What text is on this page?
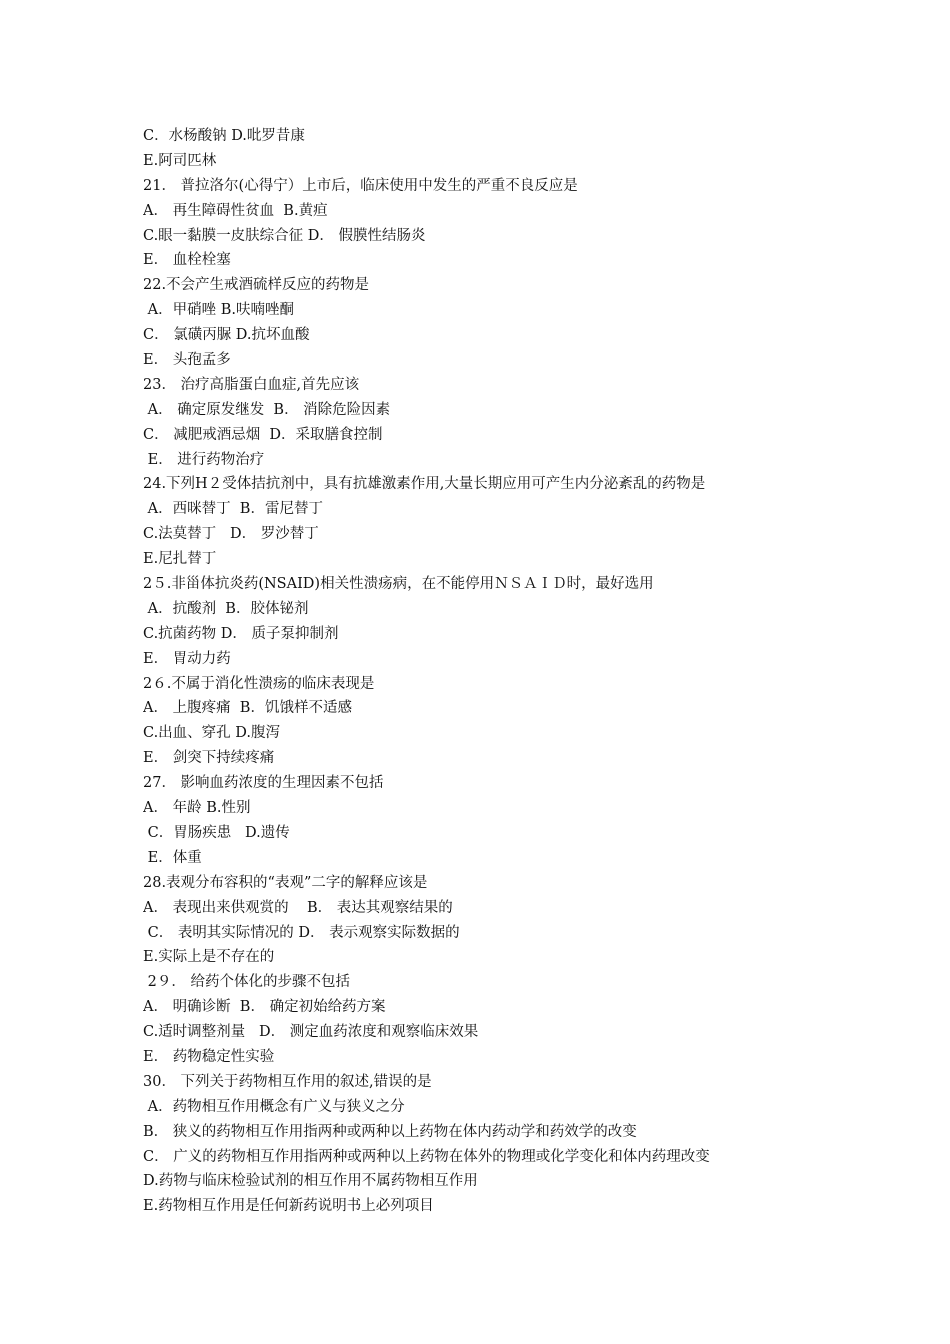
C．水杨酸钠 D.吡罗昔康
E.阿司匹林
21． 普拉洛尔(心得宁）上市后，临床使用中发生的严重不良反应是
A． 再生障碍性贫血  B.黄疸
C.眼一黏膜一皮肤综合征 D． 假膜性结肠炎
E． 血栓栓塞
22.不会产生戒酒硫样反应的药物是
A．甲硝唑 B.呋喃唑酮
C． 氯磺丙脲 D.抗坏血酸
E． 头孢孟多
23． 治疗高脂蛋白血症,首先应该
A． 确定原发继发  B． 消除危险因素
C． 减肥戒酒忌烟  D．采取膳食控制
E． 进行药物治疗
24.下列H２受体拮抗剂中，具有抗雄激素作用,大量长期应用可产生内分泌紊乱的药物是
A．西咪替丁  B．雷尼替丁
C.法莫替丁   D． 罗沙替丁
E.尼扎替丁
2５.非甾体抗炎药(NSAID)相关性溃疡病，在不能停用ＮＳＡＩＤ时，最好选用
A．抗酸剂  B．胶体铋剂
C.抗菌药物 D． 质子泵抑制剂
E． 胃动力药
2６.不属于消化性溃疡的临床表现是
A． 上腹疼痛  B．饥饿样不适感
C.出血、穿孔 D.腹泻
E． 剑突下持续疼痛
27． 影响血药浓度的生理因素不包括
A． 年龄 B.性别
C．胃肠疾患   D.遗传
E．体重
28.表观分布容积的“表观”二字的解释应该是
A． 表现出来供观赏的    B． 表达其观察结果的
C． 表明其实际情况的 D． 表示观察实际数据的
E.实际上是不存在的
2９． 给药个体化的步骤不包括
A． 明确诊断  B． 确定初始给药方案
C.适时调整剂量   D． 测定血药浓度和观察临床效果
E． 药物稳定性实验
30． 下列关于药物相互作用的叙述,错误的是
A．药物相互作用概念有广义与狭义之分
B． 狭义的药物相互作用指两种或两种以上药物在体内药动学和药效学的改变
C． 广义的药物相互作用指两种或两种以上药物在体外的物理或化学变化和体内药理改变
D.药物与临床检验试剂的相互作用不属药物相互作用
E.药物相互作用是任何新药说明书上必列项目
